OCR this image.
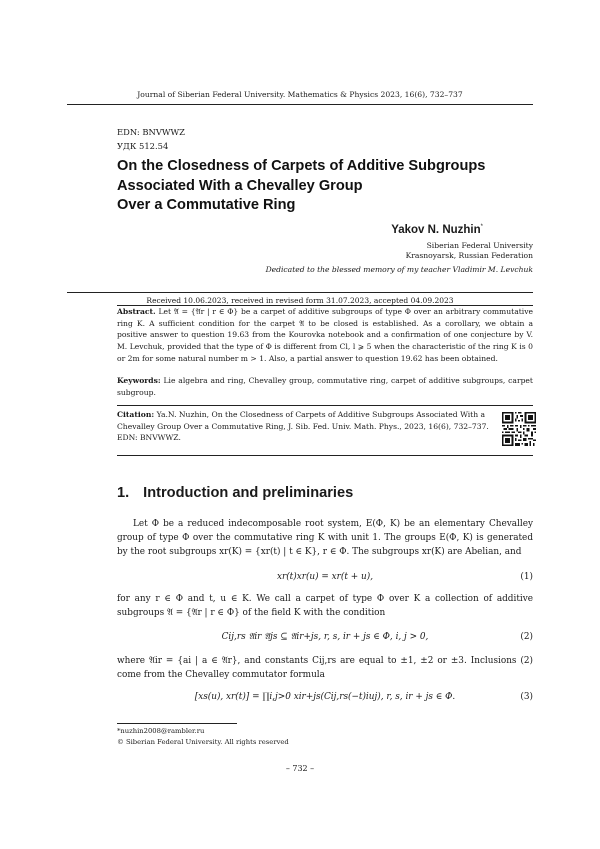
Journal of Siberian Federal University. Mathematics & Physics 2023, 16(6), 732–737
EDN: BNVWWZ
УДК 512.54
On the Closedness of Carpets of Additive Subgroups
Associated With a Chevalley Group
Over a Commutative Ring
Yakov N. Nuzhin*
Siberian Federal University
Krasnoyarsk, Russian Federation
Dedicated to the blessed memory of my teacher Vladimir M. Levchuk
Received 10.06.2023, received in revised form 31.07.2023, accepted 04.09.2023
Abstract. Let 𝔄 = {𝔄r | r ∈ Φ} be a carpet of additive subgroups of type Φ over an arbitrary commutative ring K. A sufficient condition for the carpet 𝔄 to be closed is established. As a corollary, we obtain a positive answer to question 19.63 from the Kourovka notebook and a confirmation of one conjecture by V. M. Levchuk, provided that the type of Φ is different from Cl, l ⩾ 5 when the characteristic of the ring K is 0 or 2m for some natural number m > 1. Also, a partial answer to question 19.62 has been obtained.
Keywords: Lie algebra and ring, Chevalley group, commutative ring, carpet of additive subgroups, carpet subgroup.
Citation: Ya.N. Nuzhin, On the Closedness of Carpets of Additive Subgroups Associated With a Chevalley Group Over a Commutative Ring, J. Sib. Fed. Univ. Math. Phys., 2023, 16(6), 732–737. EDN: BNVWWZ.
1. Introduction and preliminaries
Let Φ be a reduced indecomposable root system, E(Φ, K) be an elementary Chevalley group of type Φ over the commutative ring K with unit 1. The groups E(Φ, K) is generated by the root subgroups xr(K) = {xr(t) | t ∈ K}, r ∈ Φ. The subgroups xr(K) are Abelian, and
xr(t)xr(u) = xr(t + u),	(1)
for any r ∈ Φ and t, u ∈ K. We call a carpet of type Φ over K a collection of additive subgroups 𝔄 = {𝔄r | r ∈ Φ} of the field K with the condition
Cij,rs 𝔄ir 𝔄js ⊆ 𝔄ir+js, r, s, ir + js ∈ Φ, i, j > 0,	(2)
where 𝔄ir = {ai | a ∈ 𝔄r}, and constants Cij,rs are equal to ±1, ±2 or ±3. Inclusions (2) come from the Chevalley commutator formula
[xs(u), xr(t)] = ∏i,j>0 xir+js(Cij,rs(−t)iuj), r, s, ir + js ∈ Φ.	(3)
*nuzhin2008@rambler.ru
© Siberian Federal University. All rights reserved
– 732 –
